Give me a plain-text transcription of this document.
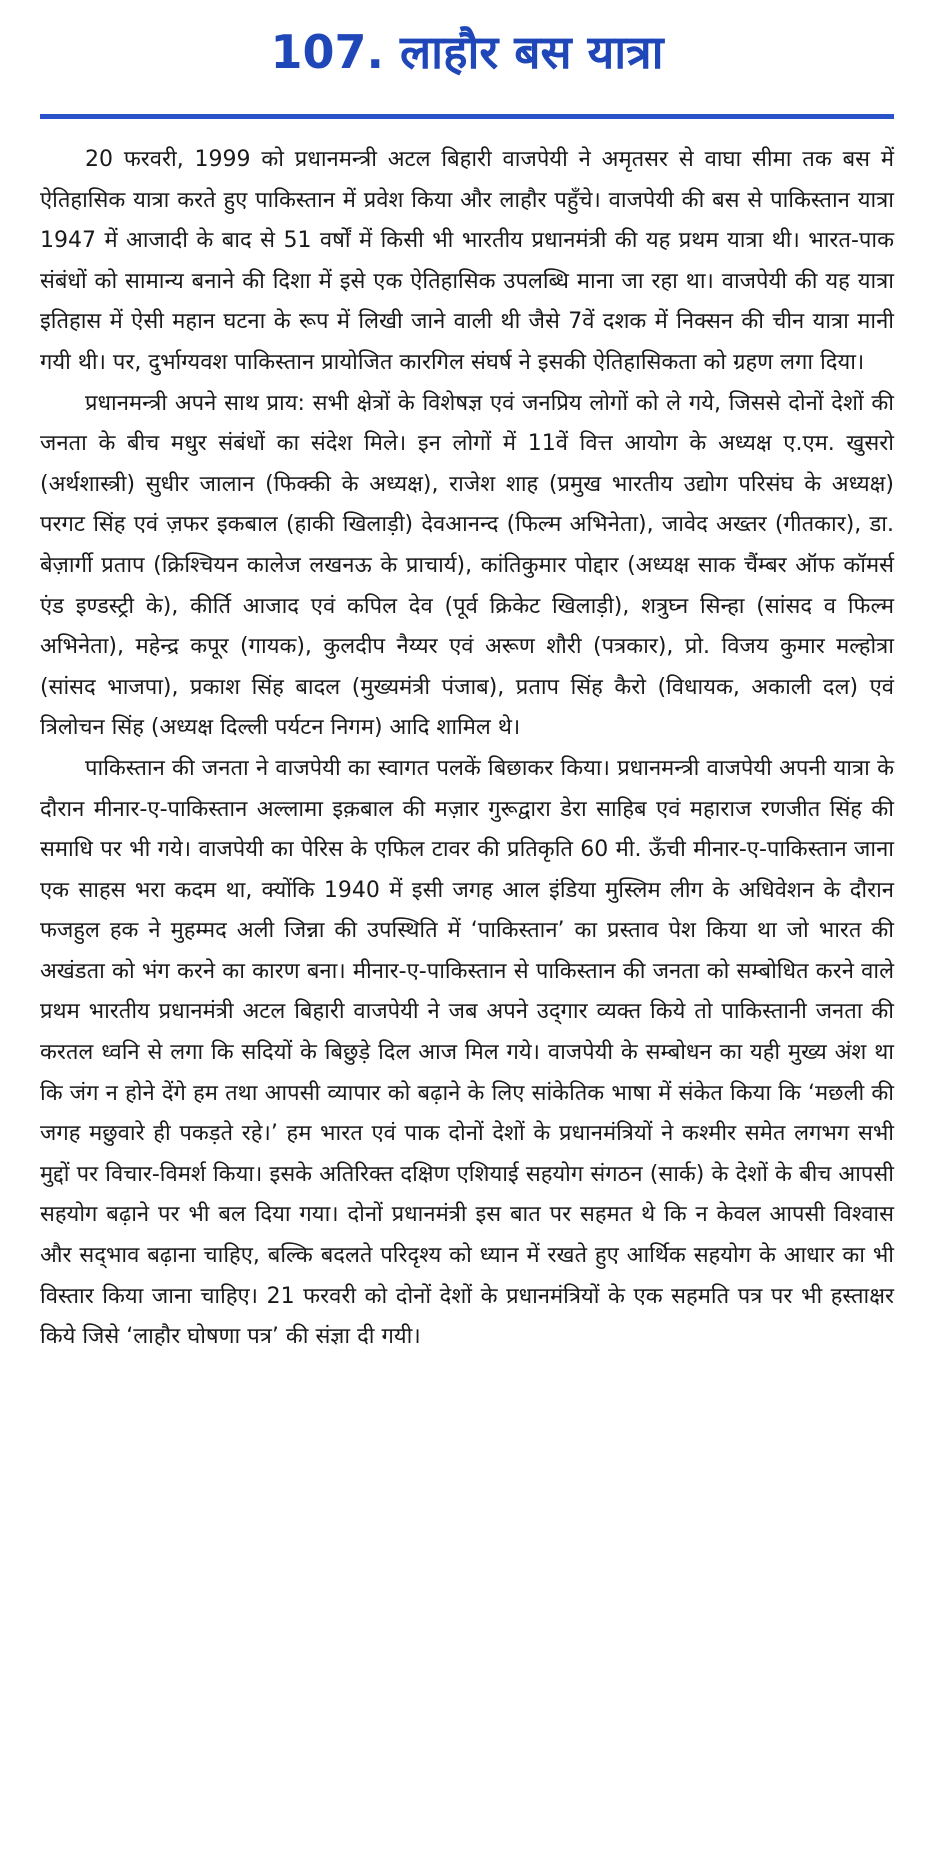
107. लाहौर बस यात्रा

20 फरवरी, 1999 को प्रधानमन्त्री अटल बिहारी वाजपेयी ने अमृतसर से वाघा सीमा तक बस में ऐतिहासिक यात्रा करते हुए पाकिस्तान में प्रवेश किया और लाहौर पहुँचे। वाजपेयी की बस से पाकिस्तान यात्रा 1947 में आजादी के बाद से 51 वर्षों में किसी भी भारतीय प्रधानमंत्री की यह प्रथम यात्रा थी। भारत-पाक संबंधों को सामान्य बनाने की दिशा में इसे एक ऐतिहासिक उपलब्धि माना जा रहा था। वाजपेयी की यह यात्रा इतिहास में ऐसी महान घटना के रूप में लिखी जाने वाली थी जैसे 7वें दशक में निक्सन की चीन यात्रा मानी गयी थी। पर, दुर्भाग्यवश पाकिस्तान प्रायोजित कारगिल संघर्ष ने इसकी ऐतिहासिकता को ग्रहण लगा दिया।

प्रधानमन्त्री अपने साथ प्राय: सभी क्षेत्रों के विशेषज्ञ एवं जनप्रिय लोगों को ले गये, जिससे दोनों देशों की जनता के बीच मधुर संबंधों का संदेश मिले। इन लोगों में 11वें वित्त आयोग के अध्यक्ष ए.एम. खुसरो (अर्थशास्त्री) सुधीर जालान (फिक्की के अध्यक्ष), राजेश शाह (प्रमुख भारतीय उद्योग परिसंघ के अध्यक्ष) परगट सिंह एवं ज़फर इकबाल (हाकी खिलाड़ी) देवआनन्द (फिल्म अभिनेता), जावेद अख्तर (गीतकार), डा. बेज़ार्गी प्रताप (क्रिश्चियन कालेज लखनऊ के प्राचार्य), कांतिकुमार पोद्दार (अध्यक्ष साक चैंम्बर ऑफ कॉमर्स एंड इण्डस्ट्री के), कीर्ति आजाद एवं कपिल देव (पूर्व क्रिकेट खिलाड़ी), शत्रुघ्न सिन्हा (सांसद व फिल्म अभिनेता), महेन्द्र कपूर (गायक), कुलदीप नैय्यर एवं अरूण शौरी (पत्रकार), प्रो. विजय कुमार मल्होत्रा (सांसद भाजपा), प्रकाश सिंह बादल (मुख्यमंत्री पंजाब), प्रताप सिंह कैरो (विधायक, अकाली दल) एवं त्रिलोचन सिंह (अध्यक्ष दिल्ली पर्यटन निगम) आदि शामिल थे।

पाकिस्तान की जनता ने वाजपेयी का स्वागत पलकें बिछाकर किया। प्रधानमन्त्री वाजपेयी अपनी यात्रा के दौरान मीनार-ए-पाकिस्तान अल्लामा इक़बाल की मज़ार गुरूद्वारा डेरा साहिब एवं महाराज रणजीत सिंह की समाधि पर भी गये। वाजपेयी का पेरिस के एफिल टावर की प्रतिकृति 60 मी. ऊँची मीनार-ए-पाकिस्तान जाना एक साहस भरा कदम था, क्योंकि 1940 में इसी जगह आल इंडिया मुस्लिम लीग के अधिवेशन के दौरान फजहुल हक ने मुहम्मद अली जिन्ना की उपस्थिति में ‘पाकिस्तान’ का प्रस्ताव पेश किया था जो भारत की अखंडता को भंग करने का कारण बना। मीनार-ए-पाकिस्तान से पाकिस्तान की जनता को सम्बोधित करने वाले प्रथम भारतीय प्रधानमंत्री अटल बिहारी वाजपेयी ने जब अपने उद्‌गार व्यक्त किये तो पाकिस्तानी जनता की करतल ध्वनि से लगा कि सदियों के बिछुड़े दिल आज मिल गये। वाजपेयी के सम्बोधन का यही मुख्य अंश था कि जंग न होने देंगे हम तथा आपसी व्यापार को बढ़ाने के लिए सांकेतिक भाषा में संकेत किया कि ‘मछली की जगह मछुवारे ही पकड़ते रहे।’ हम भारत एवं पाक दोनों देशों के प्रधानमंत्रियों ने कश्मीर समेत लगभग सभी मुद्दों पर विचार-विमर्श किया। इसके अतिरिक्त दक्षिण एशियाई सहयोग संगठन (सार्क) के देशों के बीच आपसी सहयोग बढ़ाने पर भी बल दिया गया। दोनों प्रधानमंत्री इस बात पर सहमत थे कि न केवल आपसी विश्वास और सद्‌भाव बढ़ाना चाहिए, बल्कि बदलते परिदृश्य को ध्यान में रखते हुए आर्थिक सहयोग के आधार का भी विस्तार किया जाना चाहिए। 21 फरवरी को दोनों देशों के प्रधानमंत्रियों के एक सहमति पत्र पर भी हस्ताक्षर किये जिसे ‘लाहौर घोषणा पत्र’ की संज्ञा दी गयी।
